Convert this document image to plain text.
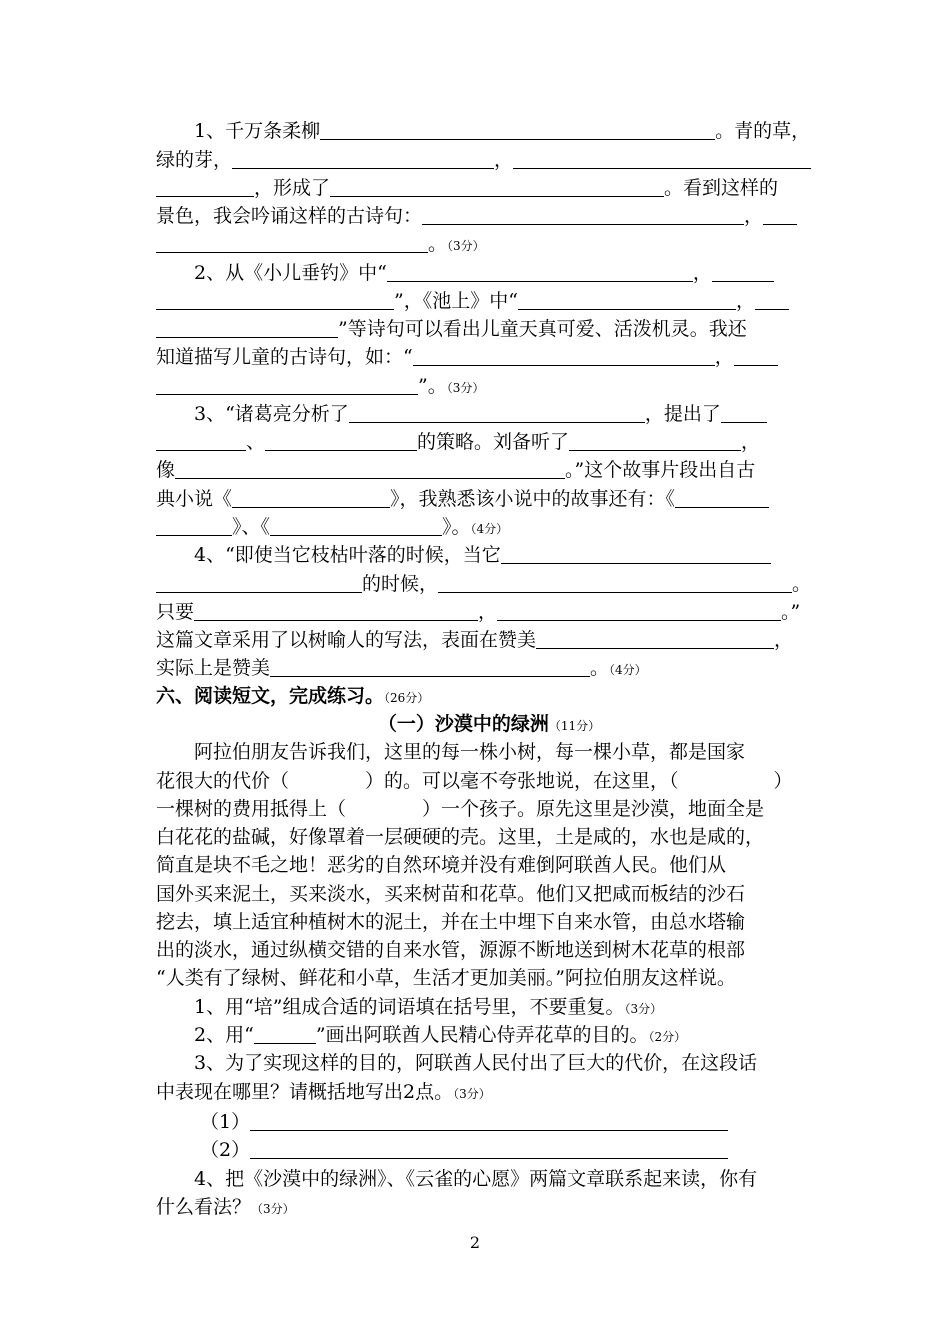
1、千万条柔柳	。青的草，
绿的芽，	，
，形成了	。看到这样的
景色，我会吟诵这样的古诗句：	，
。（3分）
2、从《小儿垂钓》中“	，
”，《池上》中“	，
”等诗句可以看出儿童天真可爱、活泼机灵。我还
知道描写儿童的古诗句，如：“	，
”。（3分）
3、“诸葛亮分析了	，提出了
、	的策略。刘备听了	，
像	。”这个故事片段出自古
典小说《	》，我熟悉该小说中的故事还有：《
》、《	》。（4分）
4、“即使当它枝枯叶落的时候，当它
的时候，	。
只要	，	。”
这篇文章采用了以树喻人的写法，表面在赞美	，
实际上是赞美	。（4分）
六、阅读短文，完成练习。（26分）
（一）沙漠中的绿洲（11分）
阿拉伯朋友告诉我们，这里的每一株小树，每一棵小草，都是国家
花很大的代价（　　　　）的。可以毫不夸张地说，在这里，（　　　　　）
一棵树的费用抵得上（　　　　）一个孩子。原先这里是沙漠，地面全是
白花花的盐碱，好像罩着一层硬硬的壳。这里，土是咸的，水也是咸的，
简直是块不毛之地！恶劣的自然环境并没有难倒阿联酋人民。他们从
国外买来泥土，买来淡水，买来树苗和花草。他们又把咸而板结的沙石
挖去，填上适宜种植树木的泥土，并在土中埋下自来水管，由总水塔输
出的淡水，通过纵横交错的自来水管，源源不断地送到树木花草的根部
“人类有了绿树、鲜花和小草，生活才更加美丽。”阿拉伯朋友这样说。
1、用“培”组成合适的词语填在括号里，不要重复。（3分）
2、用“	”画出阿联酋人民精心侍弄花草的目的。（2分）
3、为了实现这样的目的，阿联酋人民付出了巨大的代价，在这段话
中表现在哪里？请概括地写出2点。（3分）
（1）
（2）
4、把《沙漠中的绿洲》、《云雀的心愿》两篇文章联系起来读，你有
什么看法？（3分）
2
